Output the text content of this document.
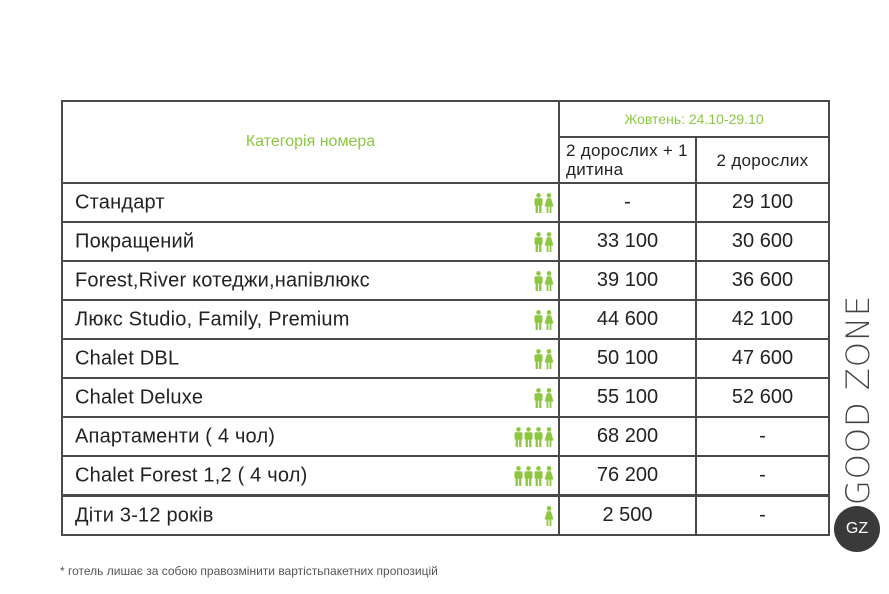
Категорія номера	Жовтень: 24.10-29.10	
	2 дорослих + 1 дитина	2 дорослих

Стандарт	-	29 100

Покращений	33 100	30 600

Forest,River котеджи,напівлюкс	39 100	36 600

Люкс Studio, Family, Premium	44 600	42 100

Chalet DBL	50 100	47 600

Chalet Deluxe	55 100	52 600

Апартаменти ( 4 чол)	68 200	-

Chalet Forest 1,2 ( 4 чол)	76 200	-

Діти 3-12 років	2 500	-
* готель лишає за собою правозмінити вартістьпакетних пропозицій
GOOD ZONE
GZ
